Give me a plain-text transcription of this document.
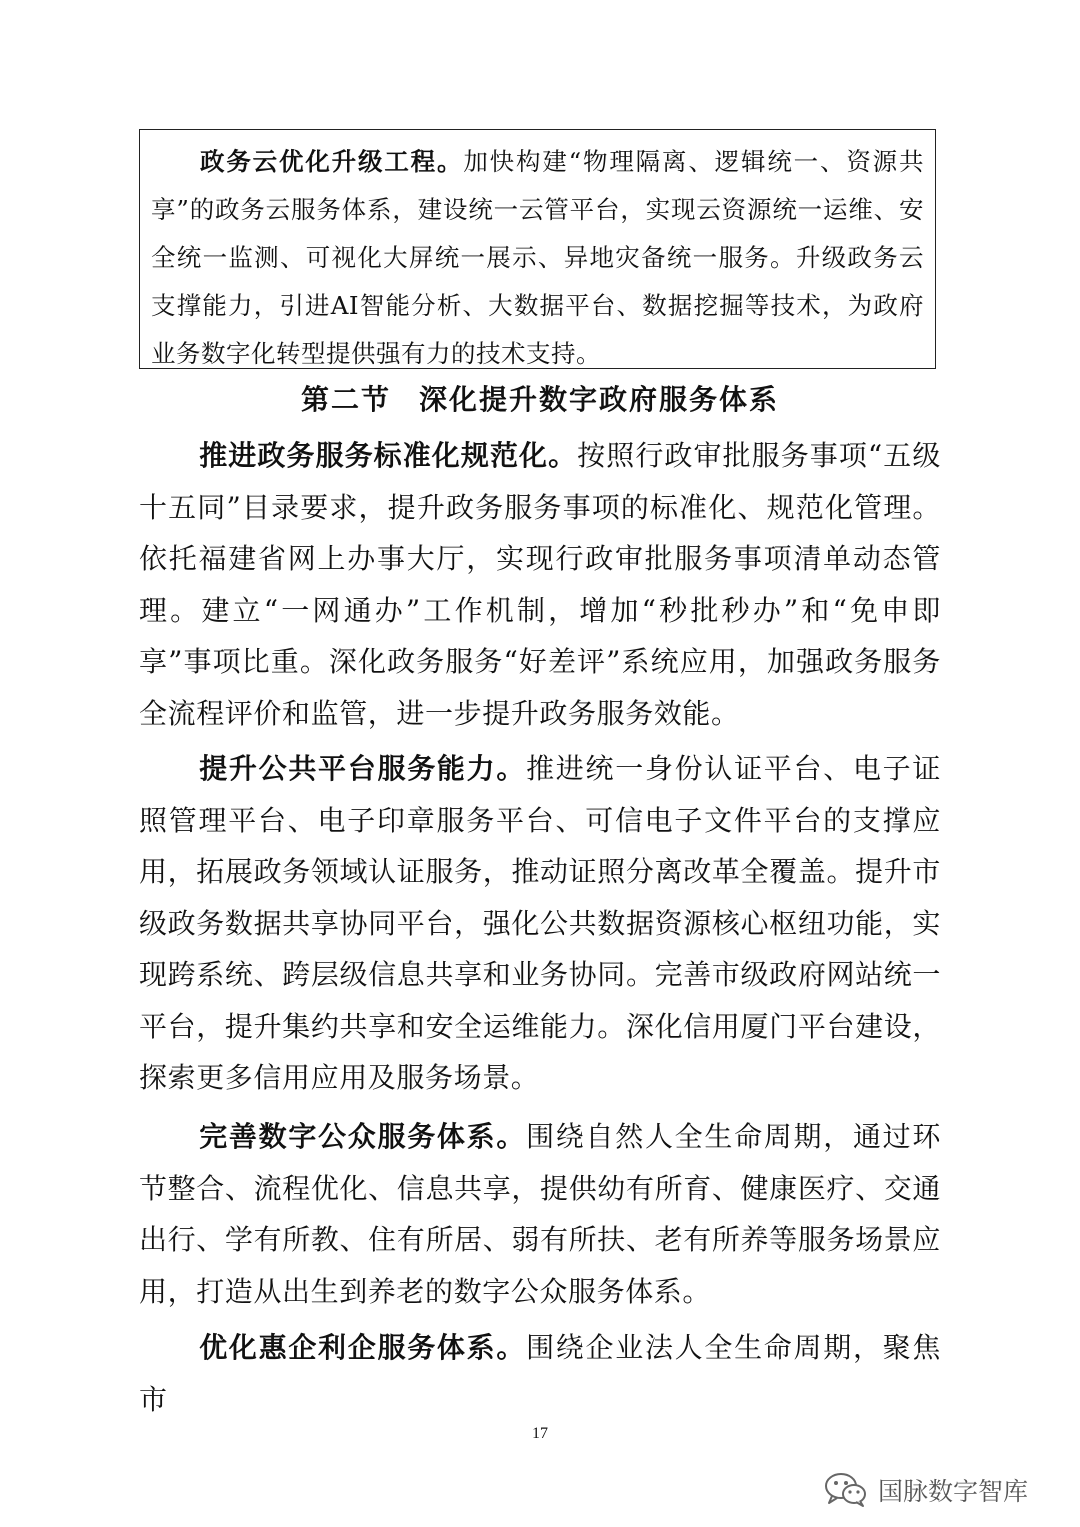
政务云优化升级工程。加快构建“物理隔离、逻辑统一、资源共享”的政务云服务体系，建设统一云管平台，实现云资源统一运维、安全统一监测、可视化大屏统一展示、异地灾备统一服务。升级政务云支撑能力，引进AI智能分析、大数据平台、数据挖掘等技术，为政府业务数字化转型提供强有力的技术支持。

第二节 深化提升数字政府服务体系

推进政务服务标准化规范化。按照行政审批服务事项“五级十五同”目录要求，提升政务服务事项的标准化、规范化管理。依托福建省网上办事大厅，实现行政审批服务事项清单动态管理。建立“一网通办”工作机制，增加“秒批秒办”和“免申即享”事项比重。深化政务服务“好差评”系统应用，加强政务服务全流程评价和监管，进一步提升政务服务效能。

提升公共平台服务能力。推进统一身份认证平台、电子证照管理平台、电子印章服务平台、可信电子文件平台的支撑应用，拓展政务领域认证服务，推动证照分离改革全覆盖。提升市级政务数据共享协同平台，强化公共数据资源核心枢纽功能，实现跨系统、跨层级信息共享和业务协同。完善市级政府网站统一平台，提升集约共享和安全运维能力。深化信用厦门平台建设，探索更多信用应用及服务场景。

完善数字公众服务体系。围绕自然人全生命周期，通过环节整合、流程优化、信息共享，提供幼有所育、健康医疗、交通出行、学有所教、住有所居、弱有所扶、老有所养等服务场景应用，打造从出生到养老的数字公众服务体系。

优化惠企利企服务体系。围绕企业法人全生命周期，聚焦市

17
国脉数字智库
